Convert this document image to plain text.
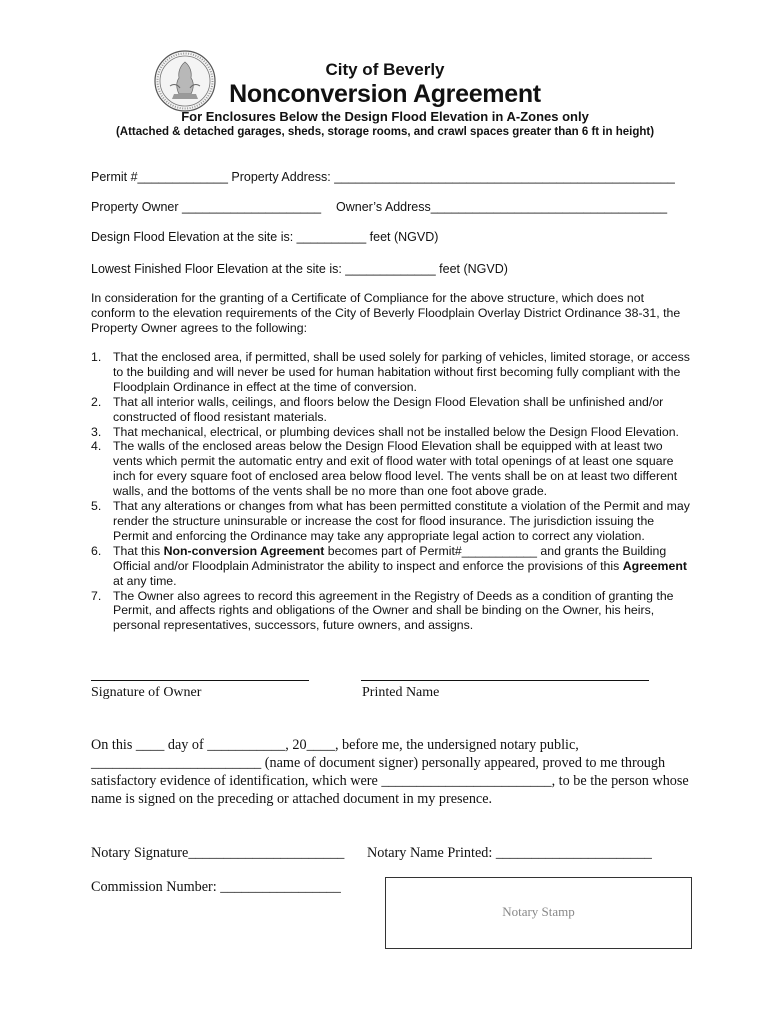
City of Beverly
Nonconversion Agreement
For Enclosures Below the Design Flood Elevation in A-Zones only
(Attached & detached garages, sheds, storage rooms, and crawl spaces greater than 6 ft in height)
Permit #_____________ Property Address: _________________________________________________
Property Owner ____________________ Owner’s Address__________________________________
Design Flood Elevation at the site is: __________ feet (NGVD)
Lowest Finished Floor Elevation at the site is: _____________ feet (NGVD)
In consideration for the granting of a Certificate of Compliance for the above structure, which does not conform to the elevation requirements of the City of Beverly Floodplain Overlay District Ordinance 38-31, the Property Owner agrees to the following:
1. That the enclosed area, if permitted, shall be used solely for parking of vehicles, limited storage, or access to the building and will never be used for human habitation without first becoming fully compliant with the Floodplain Ordinance in effect at the time of conversion.
2. That all interior walls, ceilings, and floors below the Design Flood Elevation shall be unfinished and/or constructed of flood resistant materials.
3. That mechanical, electrical, or plumbing devices shall not be installed below the Design Flood Elevation.
4. The walls of the enclosed areas below the Design Flood Elevation shall be equipped with at least two vents which permit the automatic entry and exit of flood water with total openings of at least one square inch for every square foot of enclosed area below flood level. The vents shall be on at least two different walls, and the bottoms of the vents shall be no more than one foot above grade.
5. That any alterations or changes from what has been permitted constitute a violation of the Permit and may render the structure uninsurable or increase the cost for flood insurance. The jurisdiction issuing the Permit and enforcing the Ordinance may take any appropriate legal action to correct any violation.
6. That this Non-conversion Agreement becomes part of Permit#___________ and grants the Building Official and/or Floodplain Administrator the ability to inspect and enforce the provisions of this Agreement at any time.
7. The Owner also agrees to record this agreement in the Registry of Deeds as a condition of granting the Permit, and affects rights and obligations of the Owner and shall be binding on the Owner, his heirs, personal representatives, successors, future owners, and assigns.
Signature of Owner	Printed Name
On this ____ day of ___________, 20____, before me, the undersigned notary public, ________________________ (name of document signer) personally appeared, proved to me through satisfactory evidence of identification, which were ________________________, to be the person whose name is signed on the preceding or attached document in my presence.
Notary Signature______________________ Notary Name Printed: ______________________
Commission Number: _________________
Notary Stamp
